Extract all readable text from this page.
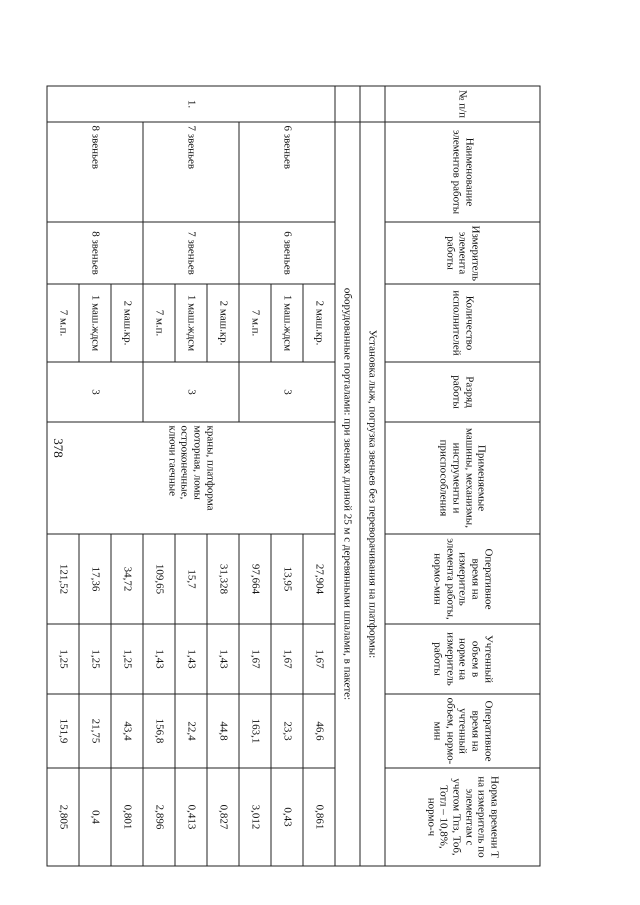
378
№ п/п	Наименование элементов работы	Измеритель элемента работы	Количество исполнителей	Разряд работы	Применяемые машины, механизмы, инструменты и приспособления	Оперативное время на измеритель элемента работы, нормо-мин	Учтенный объем в норме на измеритель работы	Оперативное время на учтенный объем, нормо-мин	Норма времени Т на измеритель по элементам с учетом Тпз, Тоб, Тотл – 10,8%, нормо-ч
	Установка лыж, погрузка звеньев без переворачивания на платформы:								
	оборудованные порталами: при звеньях длиной 25 м с деревянными шпалами, в пакете:								
1.	6 звеньев	6 звеньев	2 маш.кр.	3	краны, платформа моторная, ломы остроконечные, ключи гаечные	27,904	1,67	46,6	0,861
			1 маш.ждсм			13,95	1,67	23,3	0,43
			7 м.п.			97,664	1,67	163,1	3,012
	7 звеньев	7 звеньев	2 маш.кр.	3		31,328	1,43	44,8	0,827
			1 маш.ждсм			15,7	1,43	22,4	0,413
			7 м.п.			109,65	1,43	156,8	2,896
	8 звеньев	8 звеньев	2 маш.кр.	3		34,72	1,25	43,4	0,801
			1 маш.ждсм			17,36	1,25	21,75	0,4
			7 м.п.			121,52	1,25	151,9	2,805
